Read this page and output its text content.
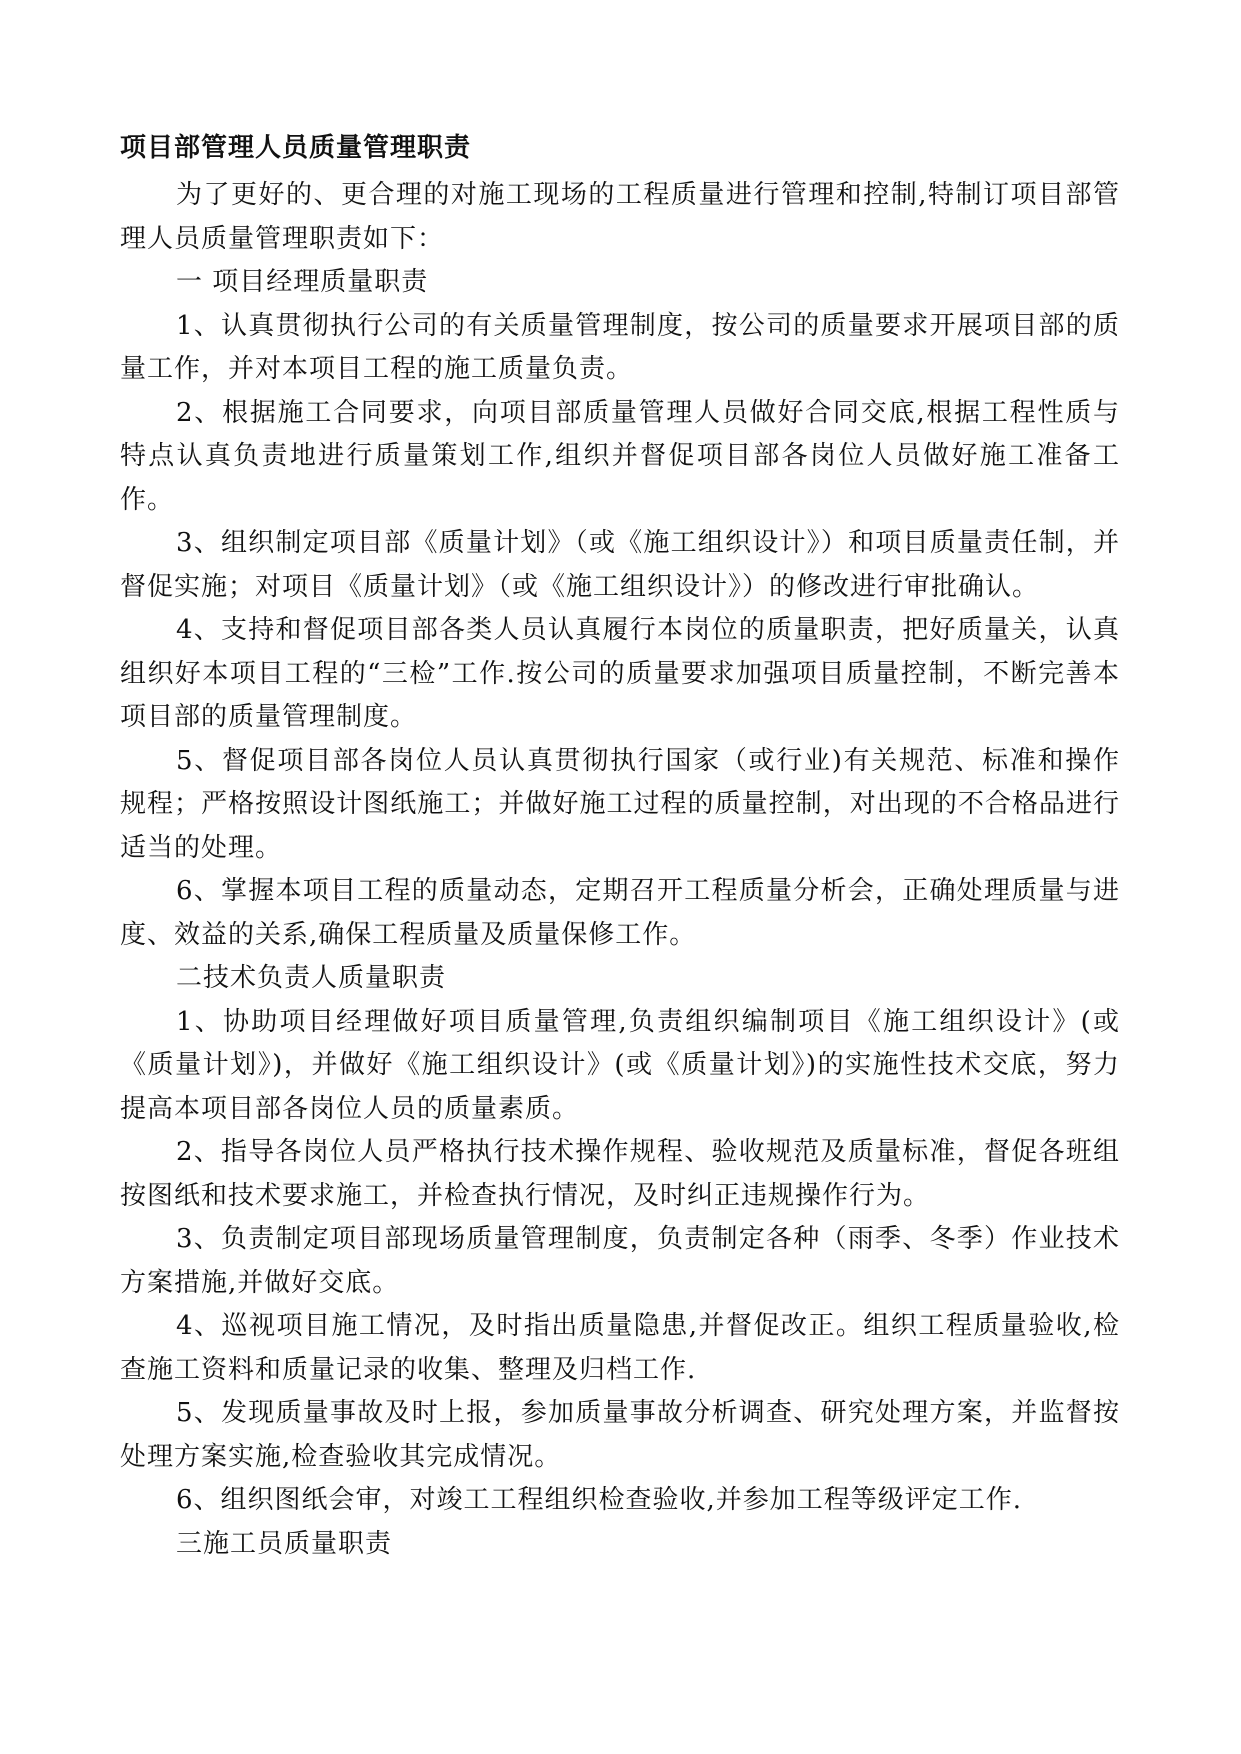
项目部管理人员质量管理职责

为了更好的、更合理的对施工现场的工程质量进行管理和控制,特制订项目部管理人员质量管理职责如下：

一 项目经理质量职责

1、认真贯彻执行公司的有关质量管理制度，按公司的质量要求开展项目部的质量工作，并对本项目工程的施工质量负责。

2、根据施工合同要求，向项目部质量管理人员做好合同交底,根据工程性质与特点认真负责地进行质量策划工作,组织并督促项目部各岗位人员做好施工准备工作。

3、组织制定项目部《质量计划》（或《施工组织设计》）和项目质量责任制，并督促实施；对项目《质量计划》（或《施工组织设计》）的修改进行审批确认。

4、支持和督促项目部各类人员认真履行本岗位的质量职责，把好质量关，认真组织好本项目工程的“三检”工作.按公司的质量要求加强项目质量控制，不断完善本项目部的质量管理制度。

5、督促项目部各岗位人员认真贯彻执行国家（或行业)有关规范、标准和操作规程；严格按照设计图纸施工；并做好施工过程的质量控制，对出现的不合格品进行适当的处理。

6、掌握本项目工程的质量动态，定期召开工程质量分析会，正确处理质量与进度、效益的关系,确保工程质量及质量保修工作。

二技术负责人质量职责

1、协助项目经理做好项目质量管理,负责组织编制项目《施工组织设计》(或《质量计划》)，并做好《施工组织设计》(或《质量计划》)的实施性技术交底，努力提高本项目部各岗位人员的质量素质。

2、指导各岗位人员严格执行技术操作规程、验收规范及质量标准，督促各班组按图纸和技术要求施工，并检查执行情况，及时纠正违规操作行为。

3、负责制定项目部现场质量管理制度，负责制定各种（雨季、冬季）作业技术方案措施,并做好交底。

4、巡视项目施工情况，及时指出质量隐患,并督促改正。组织工程质量验收,检查施工资料和质量记录的收集、整理及归档工作.

5、发现质量事故及时上报，参加质量事故分析调查、研究处理方案，并监督按处理方案实施,检查验收其完成情况。

6、组织图纸会审，对竣工工程组织检查验收,并参加工程等级评定工作.

三施工员质量职责
